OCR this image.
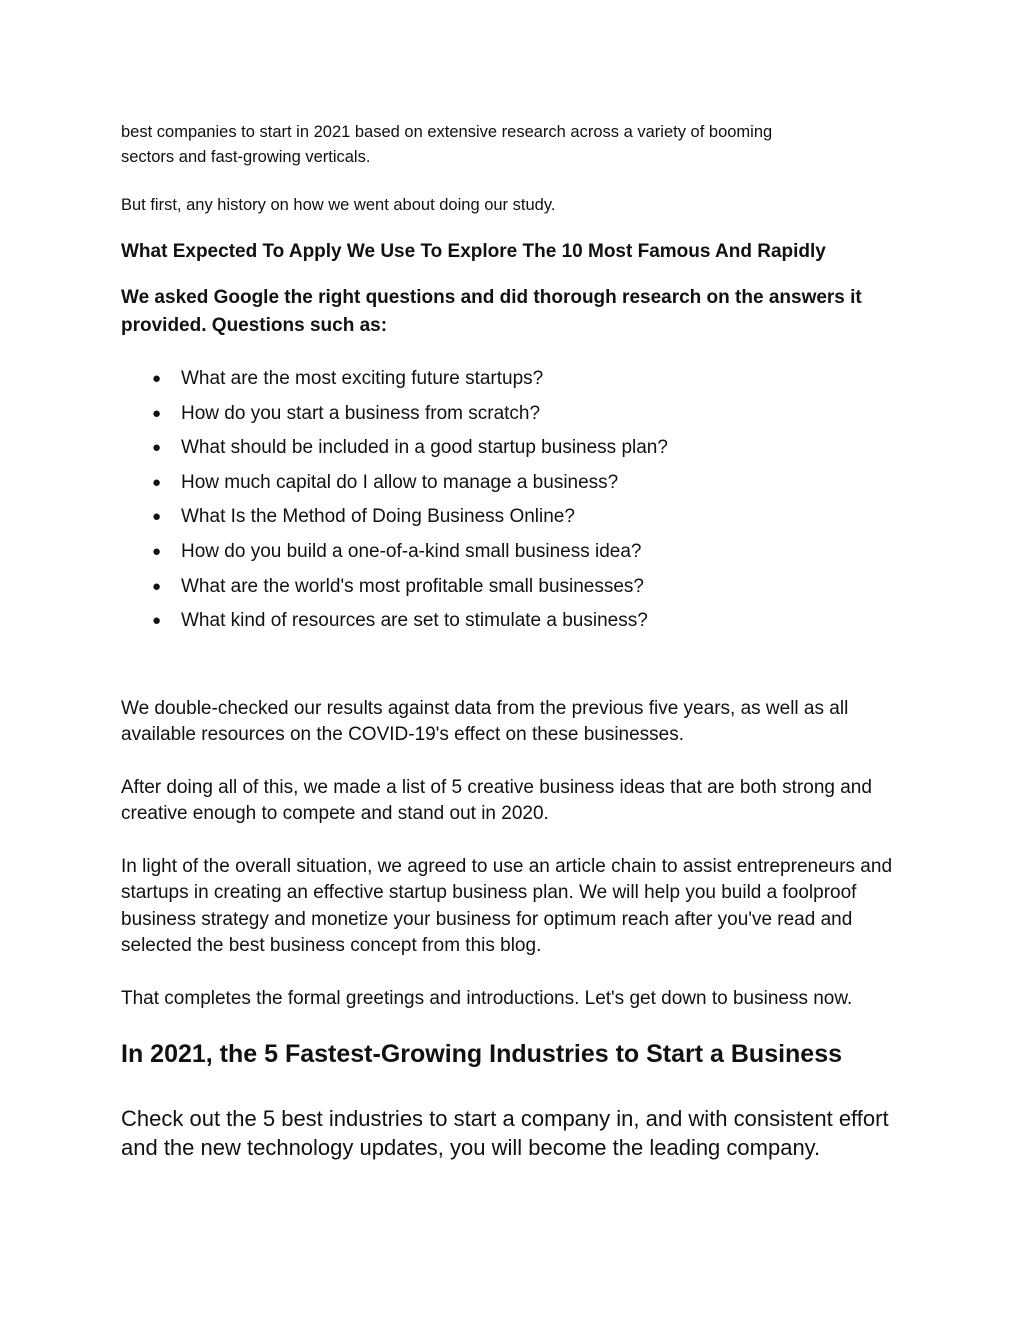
best companies to start in 2021 based on extensive research across a variety of booming

sectors and fast-growing verticals.

But first, any history on how we went about doing our study.

What Expected To Apply We Use To Explore The 10 Most Famous And Rapidly

We asked Google the right questions and did thorough research on the answers it provided. Questions such as:

● What are the most exciting future startups?
● How do you start a business from scratch?
● What should be included in a good startup business plan?
● How much capital do I allow to manage a business?
● What Is the Method of Doing Business Online?
● How do you build a one-of-a-kind small business idea?
● What are the world's most profitable small businesses?
● What kind of resources are set to stimulate a business?

We double-checked our results against data from the previous five years, as well as all available resources on the COVID-19's effect on these businesses.

After doing all of this, we made a list of 5 creative business ideas that are both strong and creative enough to compete and stand out in 2020.

In light of the overall situation, we agreed to use an article chain to assist entrepreneurs and startups in creating an effective startup business plan. We will help you build a foolproof business strategy and monetize your business for optimum reach after you've read and selected the best business concept from this blog.

That completes the formal greetings and introductions. Let's get down to business now.

In 2021, the 5 Fastest-Growing Industries to Start a Business

Check out the 5 best industries to start a company in, and with consistent effort and the new technology updates, you will become the leading company.
